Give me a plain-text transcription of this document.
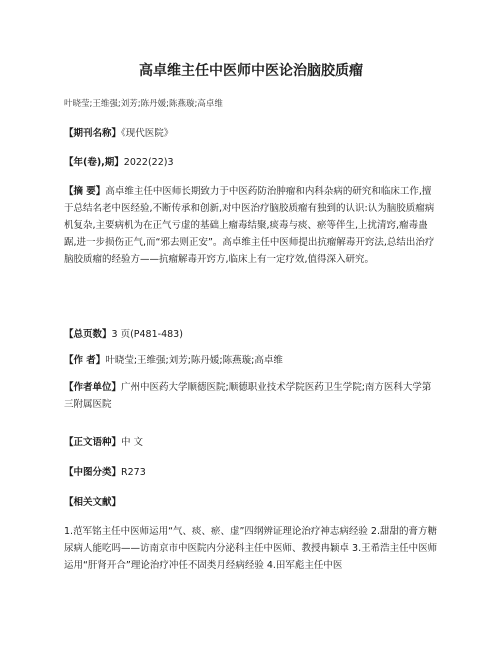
高卓维主任中医师中医论治脑胶质瘤
叶晓莹;王维强;刘芳;陈丹媛;陈燕璇;高卓维
【期刊名称】《现代医院》
【年(卷),期】2022(22)3
【摘 要】高卓维主任中医师长期致力于中医药防治肿瘤和内科杂病的研究和临床工作,擅于总结名老中医经验,不断传承和创新,对中医治疗脑胶质瘤有独到的认识:认为脑胶质瘤病机复杂,主要病机为在正气亏虚的基础上瘤毒结聚,痰毒与痰、瘀等伴生,上扰清窍,瘤毒蛊踞,进一步损伤正气,而“邪去则正安”。高卓维主任中医师提出抗瘤解毒开窍法,总结出治疗脑胶质瘤的经验方——抗瘤解毒开窍方,临床上有一定疗效,值得深入研究。
【总页数】3 页(P481-483)
【作 者】叶晓莹;王维强;刘芳;陈丹媛;陈燕璇;高卓维
【作者单位】广州中医药大学顺德医院;顺德职业技术学院医药卫生学院;南方医科大学第三附属医院
【正文语种】中 文
【中图分类】R273
【相关文献】
1.范军铭主任中医师运用“气、痰、瘀、虚”四纲辨证理论治疗神志病经验 2.甜甜的膏方糖尿病人能吃吗——访南京市中医院内分泌科主任中医师、教授冉颖卓 3.王希浩主任中医师运用“肝肾开合”理论治疗冲任不固类月经病经验 4.田军彪主任中医
